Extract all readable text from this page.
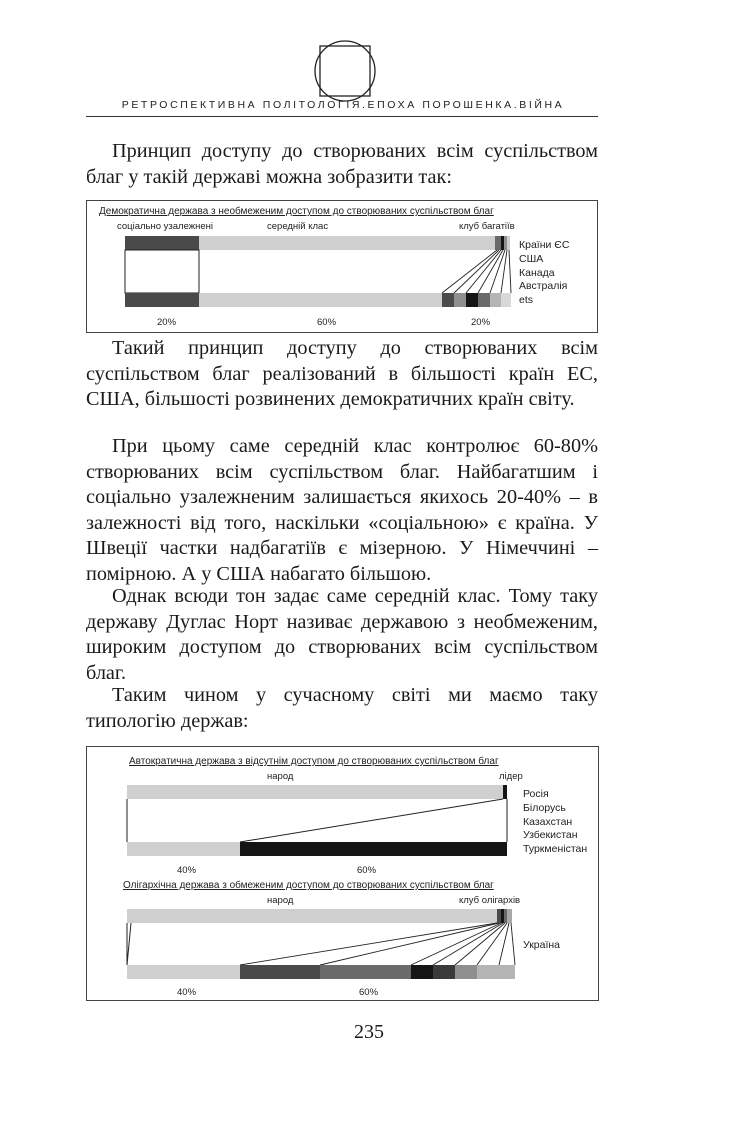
РЕТРОСПЕКТИВНА ПОЛІТОЛОГІЯ.ЕПОХА ПОРОШЕНКА.ВІЙНА

Принцип доступу до створюваних всім суспільством благ у такій державі можна зобразити так:

Демократична держава з необмеженим доступом до створюваних суспільством благ
соціально узалежнені	середній клас	клуб багатіїв
Країни ЄС
США
Канада
Австралія
ets
20%	60%	20%

Такий принцип доступу до створюваних всім суспільством благ реалізований в більшості країн ЕС, США, більшості розвинених демократичних країн світу.

При цьому саме середній клас контролює 60-80% створюваних всім суспільством благ. Найбагатшим і соціально узалежненим залишається якихось 20-40% – в залежності від того, наскільки «соціальною» є країна. У Швеції частки надбагатіїв є мізерною. У Німеччині – помірною. А у США набагато більшою.

Однак всюди тон задає саме середній клас. Тому таку державу Дуглас Норт називає державою з необмеженим, широким доступом до створюваних всім суспільством благ.

Таким чином у сучасному світі ми маємо таку типологію держав:

Автократична держава з відсутнім доступом до створюваних суспільством благ
народ	лідер
Росія
Білорусь
Казахстан
Узбекистан
Туркменістан
40%	60%
Олігархічна держава з обмеженим доступом до створюваних суспільством благ
народ	клуб олігархів
Україна
40%	60%
235
